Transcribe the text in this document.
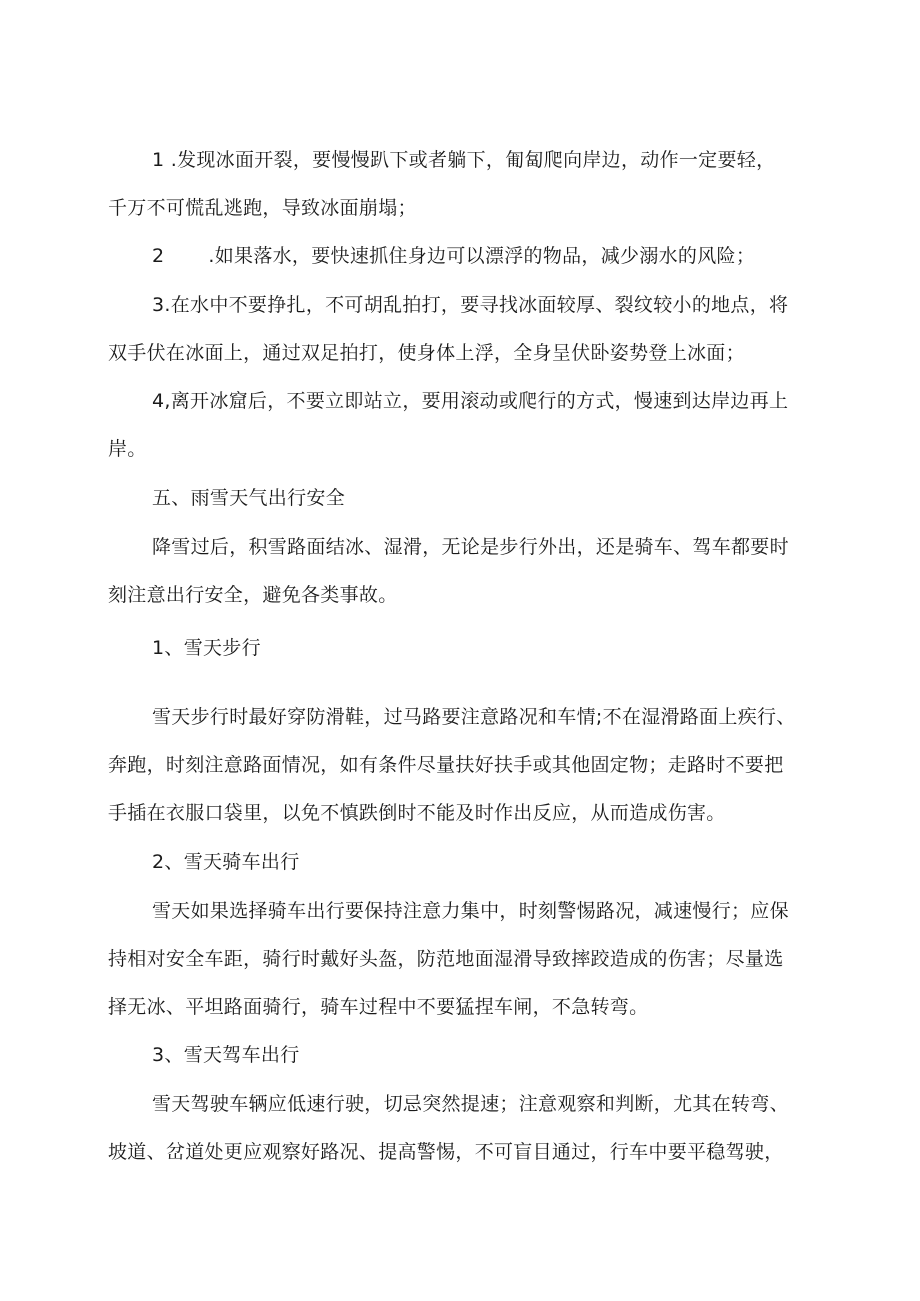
1 .发现冰面开裂，要慢慢趴下或者躺下，匍匐爬向岸边，动作一定要轻，
千万不可慌乱逃跑，导致冰面崩塌；
2 .如果落水，要快速抓住身边可以漂浮的物品，减少溺水的风险；
3.在水中不要挣扎，不可胡乱拍打，要寻找冰面较厚、裂纹较小的地点，将
双手伏在冰面上，通过双足拍打，使身体上浮，全身呈伏卧姿势登上冰面；
4,离开冰窟后，不要立即站立，要用滚动或爬行的方式，慢速到达岸边再上
岸。
五、雨雪天气出行安全
降雪过后，积雪路面结冰、湿滑，无论是步行外出，还是骑车、驾车都要时
刻注意出行安全，避免各类事故。
1、雪天步行
雪天步行时最好穿防滑鞋，过马路要注意路况和车情;不在湿滑路面上疾行、
奔跑，时刻注意路面情况，如有条件尽量扶好扶手或其他固定物；走路时不要把
手插在衣服口袋里，以免不慎跌倒时不能及时作出反应，从而造成伤害。
2、雪天骑车出行
雪天如果选择骑车出行要保持注意力集中，时刻警惕路况，减速慢行；应保
持相对安全车距，骑行时戴好头盔，防范地面湿滑导致摔跤造成的伤害；尽量选
择无冰、平坦路面骑行，骑车过程中不要猛捏车闸，不急转弯。
3、雪天驾车出行
雪天驾驶车辆应低速行驶，切忌突然提速；注意观察和判断，尤其在转弯、
坡道、岔道处更应观察好路况、提高警惕，不可盲目通过，行车中要平稳驾驶，
